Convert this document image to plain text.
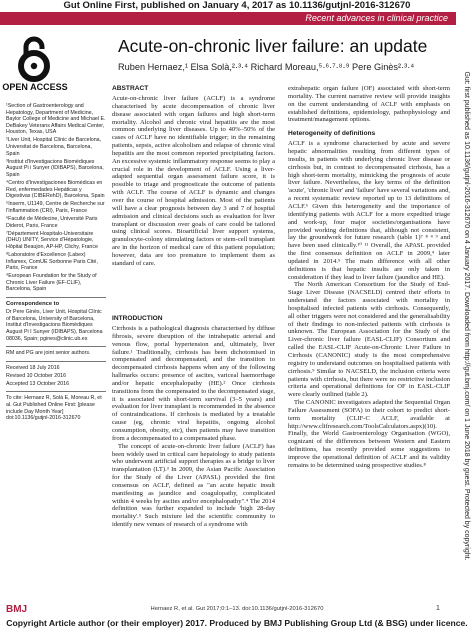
Gut Online First, published on January 4, 2017 as 10.1136/gutjnl-2016-312670
Recent advances in clinical practice
OPEN ACCESS
Acute-on-chronic liver failure: an update
Ruben Hernaez,¹ Elsa Solà,²·³·⁴ Richard Moreau,⁵·⁶·⁷·⁸·⁹ Pere Ginès²·³·⁴

¹Section of Gastroenterology and Hepatology, Department of Medicine, Baylor College of Medicine and Michael E. DeBakey Veterans Affairs Medical Center, Houston, Texas, USA

²Liver Unit, Hospital Clínic de Barcelona, Universitat de Barcelona, Barcelona, Spain

³Institut d'Investigacions Biomèdiques August Pi i Sunyer (IDIBAPS), Barcelona, Spain

⁴Centro d'Investigaciones Biomédicas en Red, enfermedades Hepáticas y Digestivas (CIBERehD), Barcelona, Spain

⁵Inserm, U1149, Centre de Recherche sur l'Inflammation (CRI), Paris, France

⁶Faculté de Médecine, Université Paris Diderot, Paris, France

⁷Département Hospitalo-Universitaire (DHU) UNITY, Service d'Hépatologie, Hôpital Beaujon, AP-HP, Clichy, France

⁸Laboratoire d'Excellence (Labex) Inflamex, ComUE Sorbonne Paris Cité, Paris, France

⁹European Foundation for the Study of Chronic Liver Failure (EF-CLIF), Barcelona, Spain

Correspondence to

Dr Pere Ginès, Liver Unit, Hospital Clínic of Barcelona, University of Barcelona, Institut d'Investigacions Biomèdiques August Pi I Sunyer (IDIBAPS), Barcelona 08036, Spain; pgines@clinic.ub.es

RM and PG are joint senior authors.

Received 18 July 2016

Revised 10 October 2016

Accepted 13 October 2016

To cite: Hernaez R, Solà E, Moreau R, et al. Gut Published Online First: [please include Day Month Year] doi:10.1136/gutjnl-2016-312670

ABSTRACT

Acute-on-chronic liver failure (ACLF) is a syndrome characterised by acute decompensation of chronic liver disease associated with organ failures and high short-term mortality. Alcohol and chronic viral hepatitis are the most common underlying liver diseases. Up to 40%–50% of the cases of ACLF have no identifiable trigger; in the remaining patients, sepsis, active alcoholism and relapse of chronic viral hepatitis are the most common reported precipitating factors. An excessive systemic inflammatory response seems to play a crucial role in the development of ACLF. Using a liver-adapted sequential organ assessment failure score, it is possible to triage and prognosticate the outcome of patients with ACLF. The course of ACLF is dynamic and changes over the course of hospital admission. Most of the patients will have a clear prognosis between day 3 and 7 of hospital admission and clinical decisions such as evaluation for liver transplant or discussion over goals of care could be tailored using clinical scores. Bioartificial liver support systems, granulocyte-colony stimulating factors or stem-cell transplant are in the horizon of medical care of this patient population; however, data are too premature to implement them as standard of care.

INTRODUCTION

Cirrhosis is a pathological diagnosis characterised by diffuse fibrosis, severe disruption of the intrahepatic arterial and venous flow, portal hypertension and, ultimately, liver failure.¹ Traditionally, cirrhosis has been dichotomised in compensated and decompensated, and the transition to decompensated cirrhosis happens when any of the following hallmarks occurs: presence of ascites, variceal haemorrhage and/or hepatic encephalopathy (HE).² Once cirrhosis transitions from the compensated to the decompensated stage, it is associated with short-term survival (3–5 years) and evaluation for liver transplant is recommended in the absence of contraindications. If cirrhosis is mediated by a treatable cause (eg, chronic viral hepatitis, ongoing alcohol consumption, obesity, etc), then patients may have transition from a decompensated to a compensated phase.

The concept of acute-on-chronic liver failure (ACLF) has been widely used in critical care hepatology to study patients who underwent artificial support therapies as a bridge to liver transplantation (LT).³ In 2009, the Asian Pacific Association for the Study of the Liver (APASL) provided the first consensus on ACLF, defined as "an acute hepatic insult manifesting as jaundice and coagulopathy, complicated within 4 weeks by ascites and/or encephalopathy".⁴ The 2014 definition was further expanded to include 'high 28-day mortality'.⁵ Such mixture led the scientific community to identify new venues of research of a syndrome with

extrahepatic organ failure (OF) associated with short-term mortality. The current narrative review will provide insights on the current understanding of ACLF with emphasis on established definitions, epidemiology, pathophysiology and treatment/management options.

Heterogeneity of definitions

ACLF is a syndrome characterised by acute and severe hepatic abnormalities resulting from different types of insults, in patients with underlying chronic liver disease or cirrhosis but, in contrast to decompensated cirrhosis, has a high short-term mortality, mimicking the prognosis of acute liver failure. Nevertheless, the key terms of the definition 'acute', 'chronic liver' and 'failure' have several variations and, a recent systematic review reported up to 13 definitions of ACLF.⁶ Given this heterogeneity and the importance of identifying patients with ACLF for a more expedited triage and work-up, four major societies/organisations have provided working definitions that, although not consistent, lay the groundwork for future research (table 1)⁷ ⁸ ⁴ ⁹ and have been used clinically.¹⁰ ¹¹ Overall, the APASL provided the first consensus definition on ACLF in 2009,⁴ later updated in 2014.⁵ The main difference with all other definitions is that hepatic insults are only taken in consideration if they lead to liver failure (jaundice and HE).

The North American Consortium for the Study of End-Stage Liver Disease (NACSELD) centred their efforts to understand the factors associated with mortality in hospitalised infected patients with cirrhosis. Consequently, all other triggers were not considered and the generalisability of their findings to non-infected patients with cirrhosis is unknown. The European Association for the Study of the Liver-chronic liver failure (EASL-CLIF) Consortium and called the EASL-CLIF Acute-on-Chronic Liver Failure in Cirrhosis (CANONIC) study is the most comprehensive registry to understand outcomes on hospitalised patients with cirrhosis.⁹ Similar to NACSELD, the inclusion criteria were patients with cirrhosis, but there were no restrictive inclusion criteria and operational definitions for OF in EASL-CLIF were clearly outlined (table 2).

The CANONIC investigators adapted the Sequential Organ Failure Assessment (SOFA) to their cohort to predict short-term mortality (CLIF-C ACLF, available at http://www.clifresearch.com/ToolsCalculators.aspx)(10). Finally, the World Gastroenterology Organisation (WGO), cognizant of the differences between Western and Eastern definitions, has recently provided some suggestions to improve the operational definition of ACLF and its validity remains to be determined using prospective studies.⁸	Gut: first published as 10.1136/gutjnl-2016-312670 on 4 January 2017. Downloaded from http://gut.bmj.com/ on 1 June 2018 by guest. Protected by copyright.
BMJ	Hernaez R, et al. Gut 2017;0:1–13. doi:10.1136/gutjnl-2016-312670	1
Copyright Article author (or their employer) 2017. Produced by BMJ Publishing Group Ltd (& BSG) under licence.
